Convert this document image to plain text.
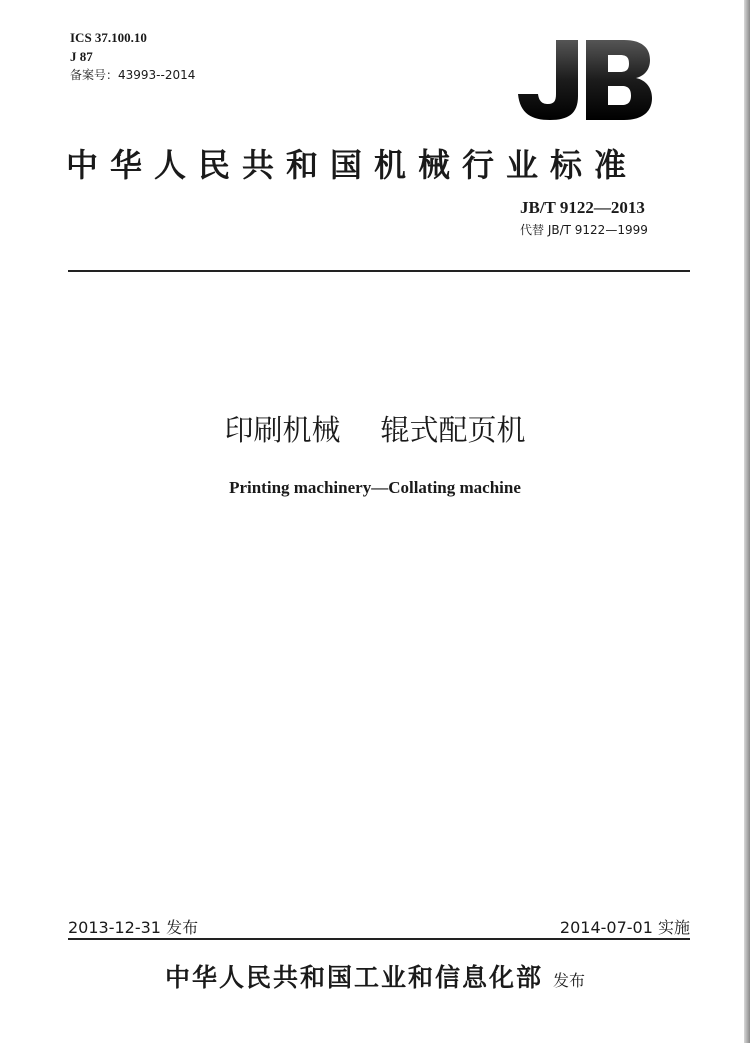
ICS 37.100.10
J 87
备案号：43993--2014
中华人民共和国机械行业标准
JB/T 9122—2013
代替 JB/T 9122—1999
印刷机械 辊式配页机
Printing machinery—Collating machine
2013-12-31 发布	2014-07-01 实施
中华人民共和国工业和信息化部 发布
